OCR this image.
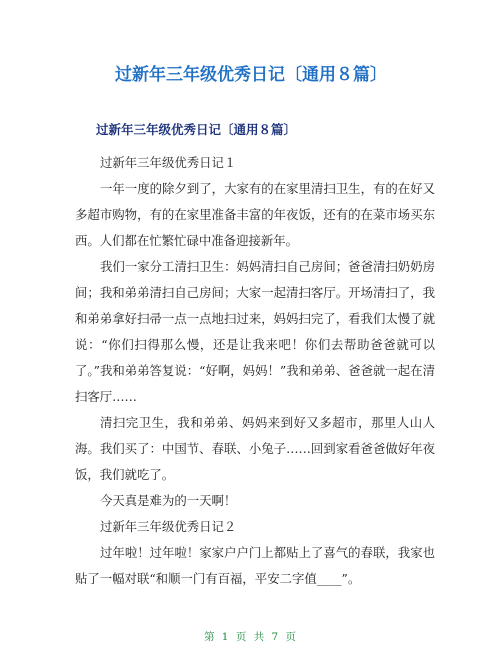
过新年三年级优秀日记〔通用８篇〕
过新年三年级优秀日记〔通用８篇〕

过新年三年级优秀日记１

一年一度的除夕到了，大家有的在家里清扫卫生，有的在好又多超市购物，有的在家里准备丰富的年夜饭，还有的在菜市场买东西。人们都在忙繁忙碌中准备迎接新年。

我们一家分工清扫卫生：妈妈清扫自己房间；爸爸清扫奶奶房间；我和弟弟清扫自己房间；大家一起清扫客厅。开场清扫了，我和弟弟拿好扫帚一点一点地扫过来，妈妈扫完了，看我们太慢了就说：“你们扫得那么慢，还是让我来吧！你们去帮助爸爸就可以了。”我和弟弟答复说：“好啊，妈妈！”我和弟弟、爸爸就一起在清扫客厅……

清扫完卫生，我和弟弟、妈妈来到好又多超市，那里人山人海。我们买了：中国节、春联、小兔子……回到家看爸爸做好年夜饭，我们就吃了。

今天真是难为的一天啊！

过新年三年级优秀日记２

过年啦！过年啦！家家户户门上都贴上了喜气的春联，我家也贴了一幅对联“和顺一门有百福，平安二字值____”。

第 1 页 共 7 页
